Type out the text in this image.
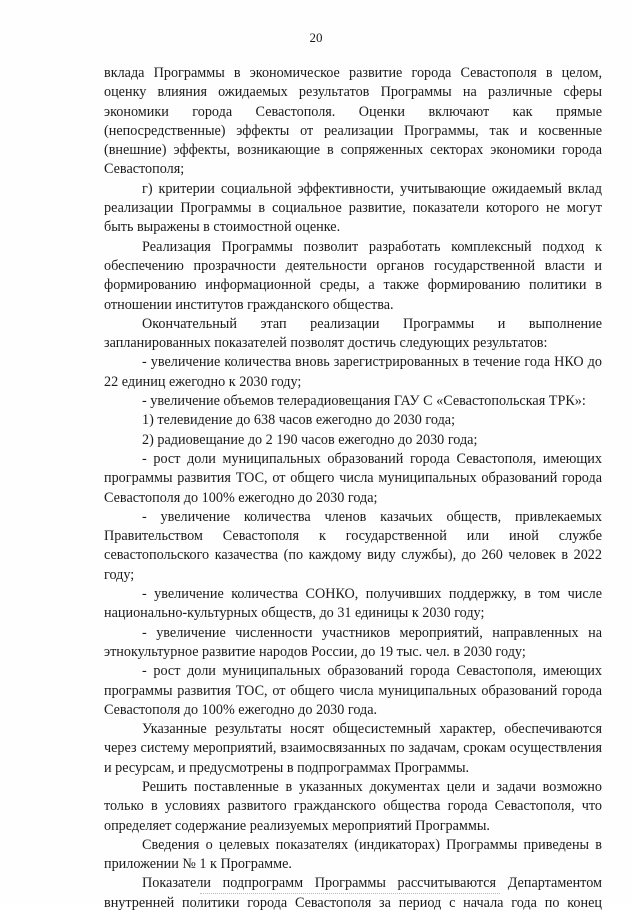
20

вклада Программы в экономическое развитие города Севастополя в целом, оценку влияния ожидаемых результатов Программы на различные сферы экономики города Севастополя. Оценки включают как прямые (непосредственные) эффекты от реализации Программы, так и косвенные (внешние) эффекты, возникающие в сопряженных секторах экономики города Севастополя;

г) критерии социальной эффективности, учитывающие ожидаемый вклад реализации Программы в социальное развитие, показатели которого не могут быть выражены в стоимостной оценке.

Реализация Программы позволит разработать комплексный подход к обеспечению прозрачности деятельности органов государственной власти и формированию информационной среды, а также формированию политики в отношении институтов гражданского общества.

Окончательный этап реализации Программы и выполнение запланированных показателей позволят достичь следующих результатов:

- увеличение количества вновь зарегистрированных в течение года НКО до 22 единиц ежегодно к 2030 году;

- увеличение объемов телерадиовещания ГАУ С «Севастопольская ТРК»:

1) телевидение до 638 часов ежегодно до 2030 года;

2) радиовещание до 2 190 часов ежегодно до 2030 года;

- рост доли муниципальных образований города Севастополя, имеющих программы развития ТОС, от общего числа муниципальных образований города Севастополя до 100% ежегодно до 2030 года;

- увеличение количества членов казачьих обществ, привлекаемых Правительством Севастополя к государственной или иной службе севастопольского казачества (по каждому виду службы), до 260 человек в 2022 году;

- увеличение количества СОНКО, получивших поддержку, в том числе национально-культурных обществ, до 31 единицы к 2030 году;

- увеличение численности участников мероприятий, направленных на этнокультурное развитие народов России, до 19 тыс. чел. в 2030 году;

- рост доли муниципальных образований города Севастополя, имеющих программы развития ТОС, от общего числа муниципальных образований города Севастополя до 100% ежегодно до 2030 года.

Указанные результаты носят общесистемный характер, обеспечиваются через систему мероприятий, взаимосвязанных по задачам, срокам осуществления и ресурсам, и предусмотрены в подпрограммах Программы.

Решить поставленные в указанных документах цели и задачи возможно только в условиях развитого гражданского общества города Севастополя, что определяет содержание реализуемых мероприятий Программы.

Сведения о целевых показателях (индикаторах) Программы приведены в приложении № 1 к Программе.

Показатели подпрограмм Программы рассчитываются Департаментом внутренней политики города Севастополя за период с начала года по конец
